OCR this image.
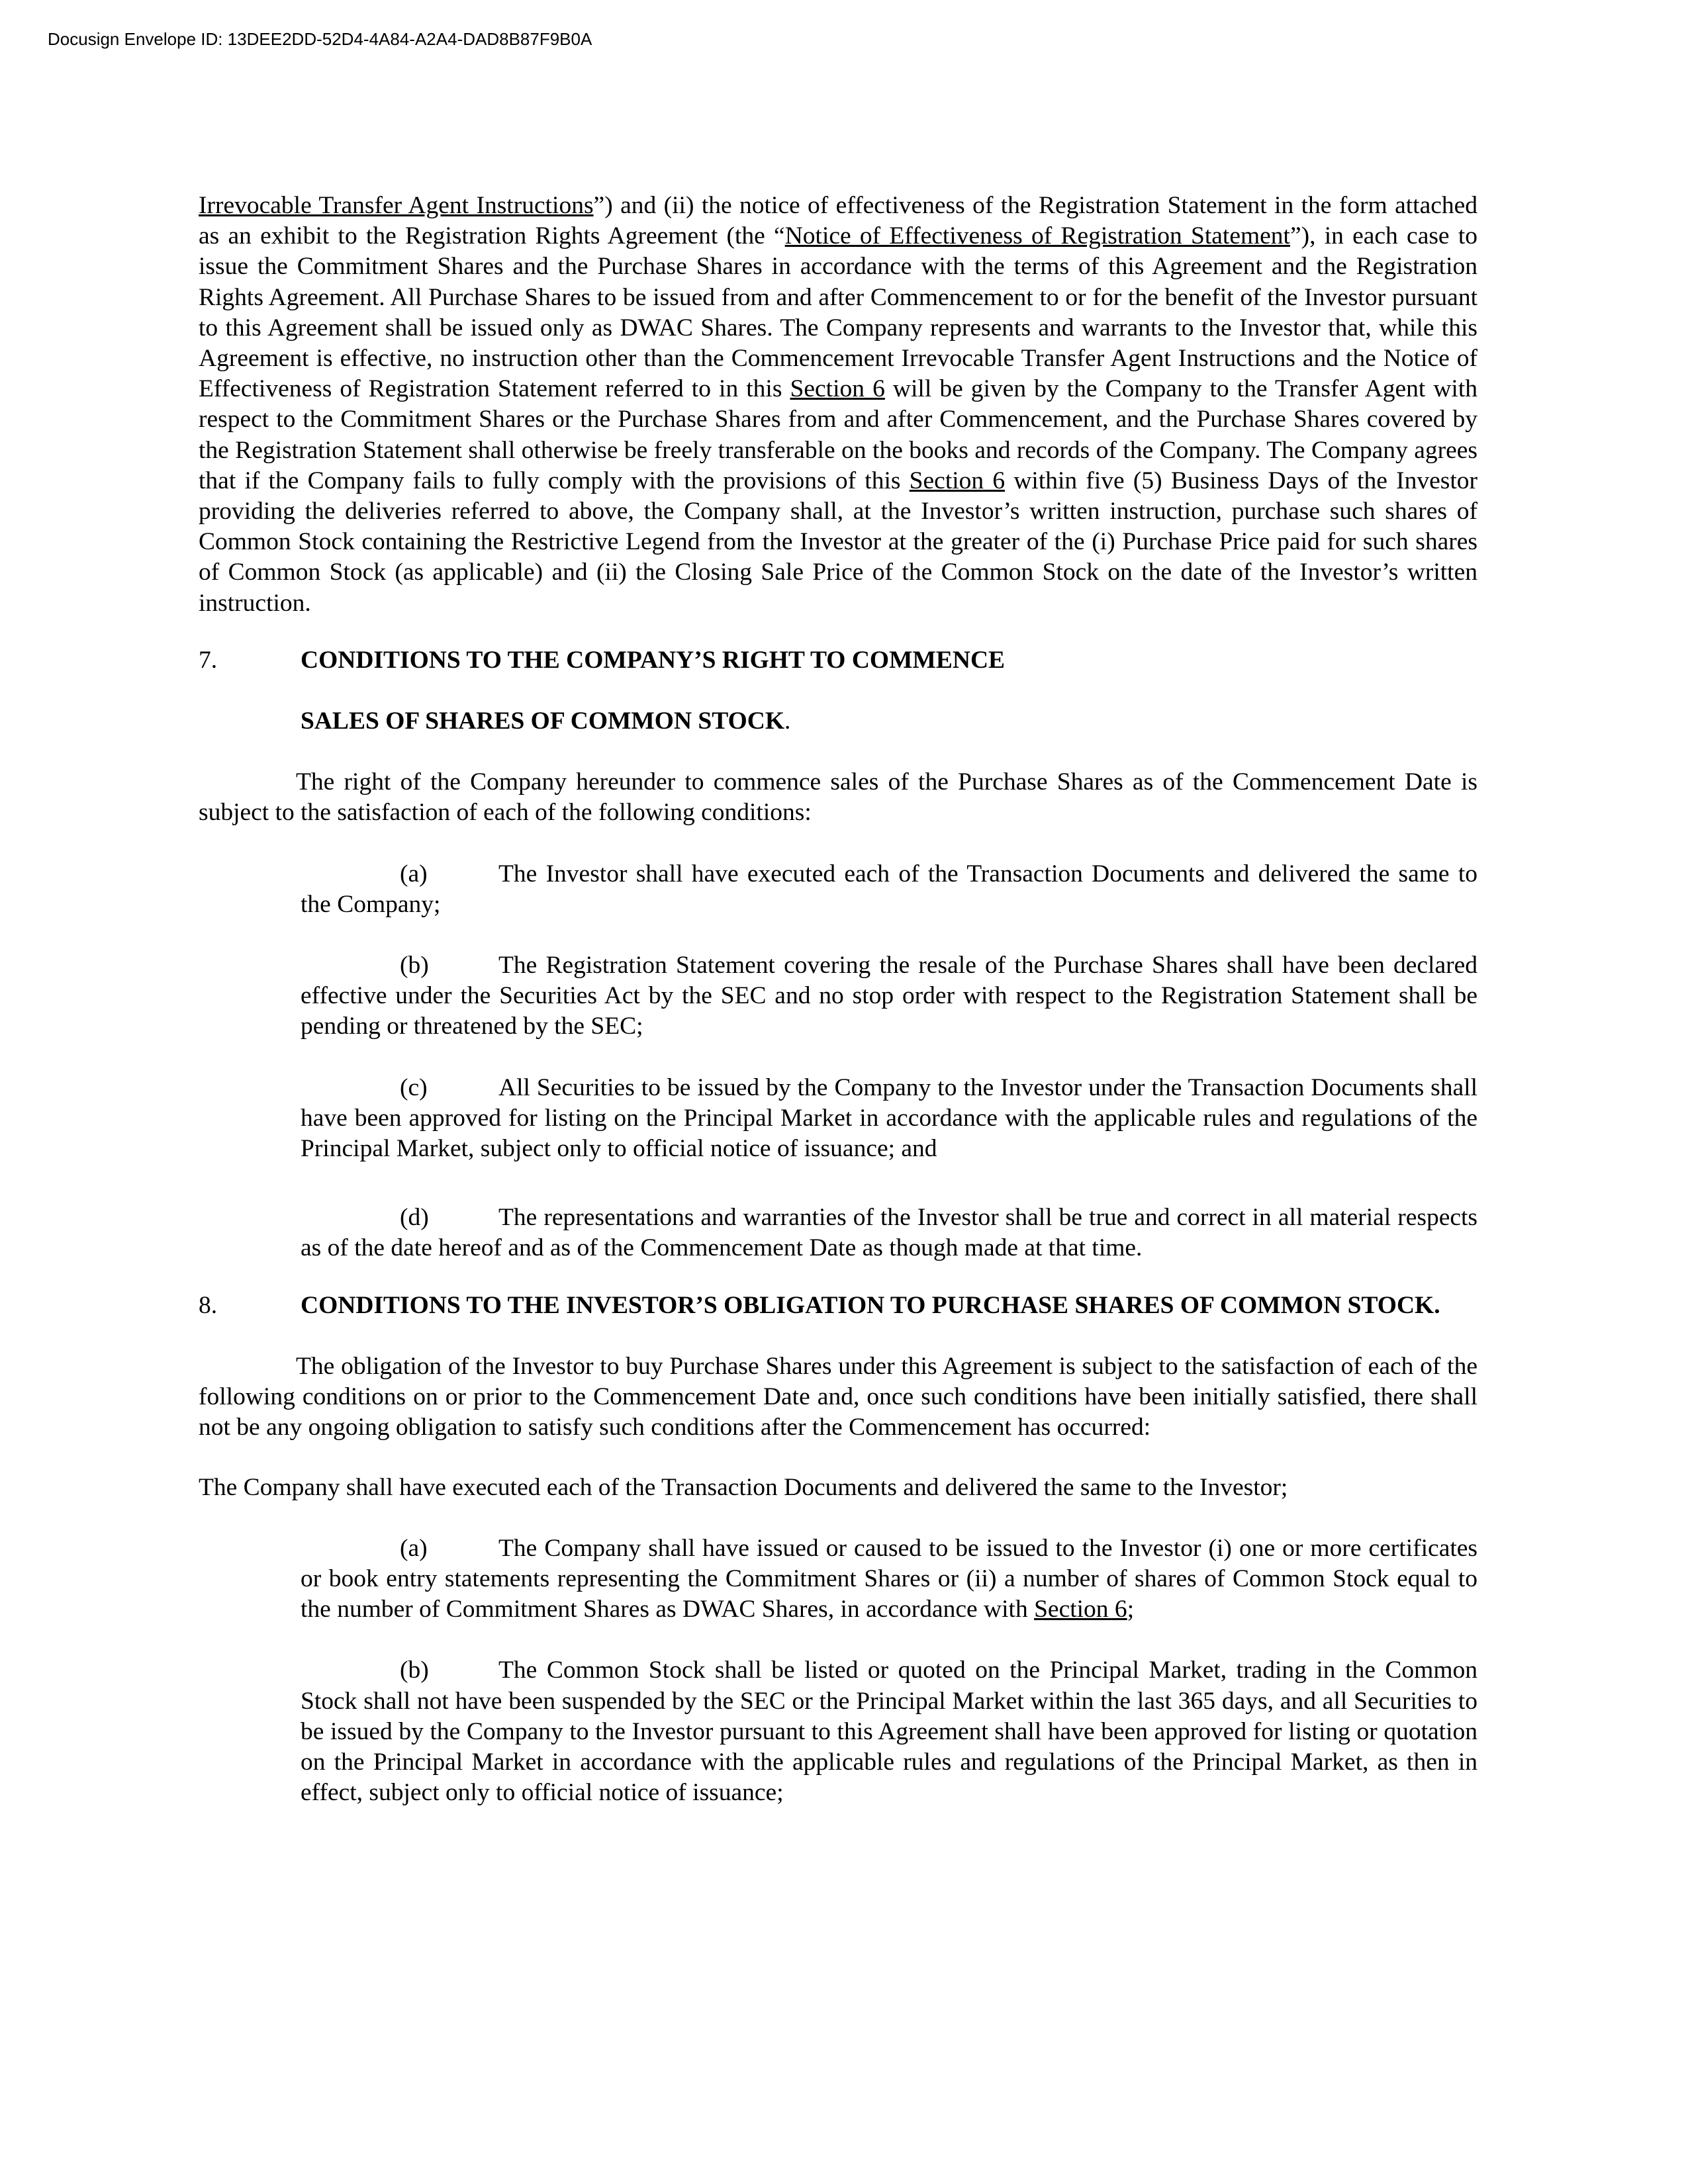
Docusign Envelope ID: 13DEE2DD-52D4-4A84-A2A4-DAD8B87F9B0A

Irrevocable Transfer Agent Instructions”) and (ii) the notice of effectiveness of the Registration Statement in the form attached as an exhibit to the Registration Rights Agreement (the “Notice of Effectiveness of Registration Statement”), in each case to issue the Commitment Shares and the Purchase Shares in accordance with the terms of this Agreement and the Registration Rights Agreement. All Purchase Shares to be issued from and after Commencement to or for the benefit of the Investor pursuant to this Agreement shall be issued only as DWAC Shares. The Company represents and warrants to the Investor that, while this Agreement is effective, no instruction other than the Commencement Irrevocable Transfer Agent Instructions and the Notice of Effectiveness of Registration Statement referred to in this Section 6 will be given by the Company to the Transfer Agent with respect to the Commitment Shares or the Purchase Shares from and after Commencement, and the Purchase Shares covered by the Registration Statement shall otherwise be freely transferable on the books and records of the Company. The Company agrees that if the Company fails to fully comply with the provisions of this Section 6 within five (5) Business Days of the Investor providing the deliveries referred to above, the Company shall, at the Investor’s written instruction, purchase such shares of Common Stock containing the Restrictive Legend from the Investor at the greater of the (i) Purchase Price paid for such shares of Common Stock (as applicable) and (ii) the Closing Sale Price of the Common Stock on the date of the Investor’s written instruction.

7.	CONDITIONS TO THE COMPANY’S RIGHT TO COMMENCE

SALES OF SHARES OF COMMON STOCK.

The right of the Company hereunder to commence sales of the Purchase Shares as of the Commencement Date is subject to the satisfaction of each of the following conditions:

(a)	The Investor shall have executed each of the Transaction Documents and delivered the same to the Company;

(b)	The Registration Statement covering the resale of the Purchase Shares shall have been declared effective under the Securities Act by the SEC and no stop order with respect to the Registration Statement shall be pending or threatened by the SEC;

(c)	All Securities to be issued by the Company to the Investor under the Transaction Documents shall have been approved for listing on the Principal Market in accordance with the applicable rules and regulations of the Principal Market, subject only to official notice of issuance; and

(d)	The representations and warranties of the Investor shall be true and correct in all material respects as of the date hereof and as of the Commencement Date as though made at that time.

8.	CONDITIONS TO THE INVESTOR’S OBLIGATION TO PURCHASE SHARES OF COMMON STOCK.

The obligation of the Investor to buy Purchase Shares under this Agreement is subject to the satisfaction of each of the following conditions on or prior to the Commencement Date and, once such conditions have been initially satisfied, there shall not be any ongoing obligation to satisfy such conditions after the Commencement has occurred:

The Company shall have executed each of the Transaction Documents and delivered the same to the Investor;

(a)	The Company shall have issued or caused to be issued to the Investor (i) one or more certificates or book entry statements representing the Commitment Shares or (ii) a number of shares of Common Stock equal to the number of Commitment Shares as DWAC Shares, in accordance with Section 6;

(b)	The Common Stock shall be listed or quoted on the Principal Market, trading in the Common Stock shall not have been suspended by the SEC or the Principal Market within the last 365 days, and all Securities to be issued by the Company to the Investor pursuant to this Agreement shall have been approved for listing or quotation on the Principal Market in accordance with the applicable rules and regulations of the Principal Market, as then in effect, subject only to official notice of issuance;
